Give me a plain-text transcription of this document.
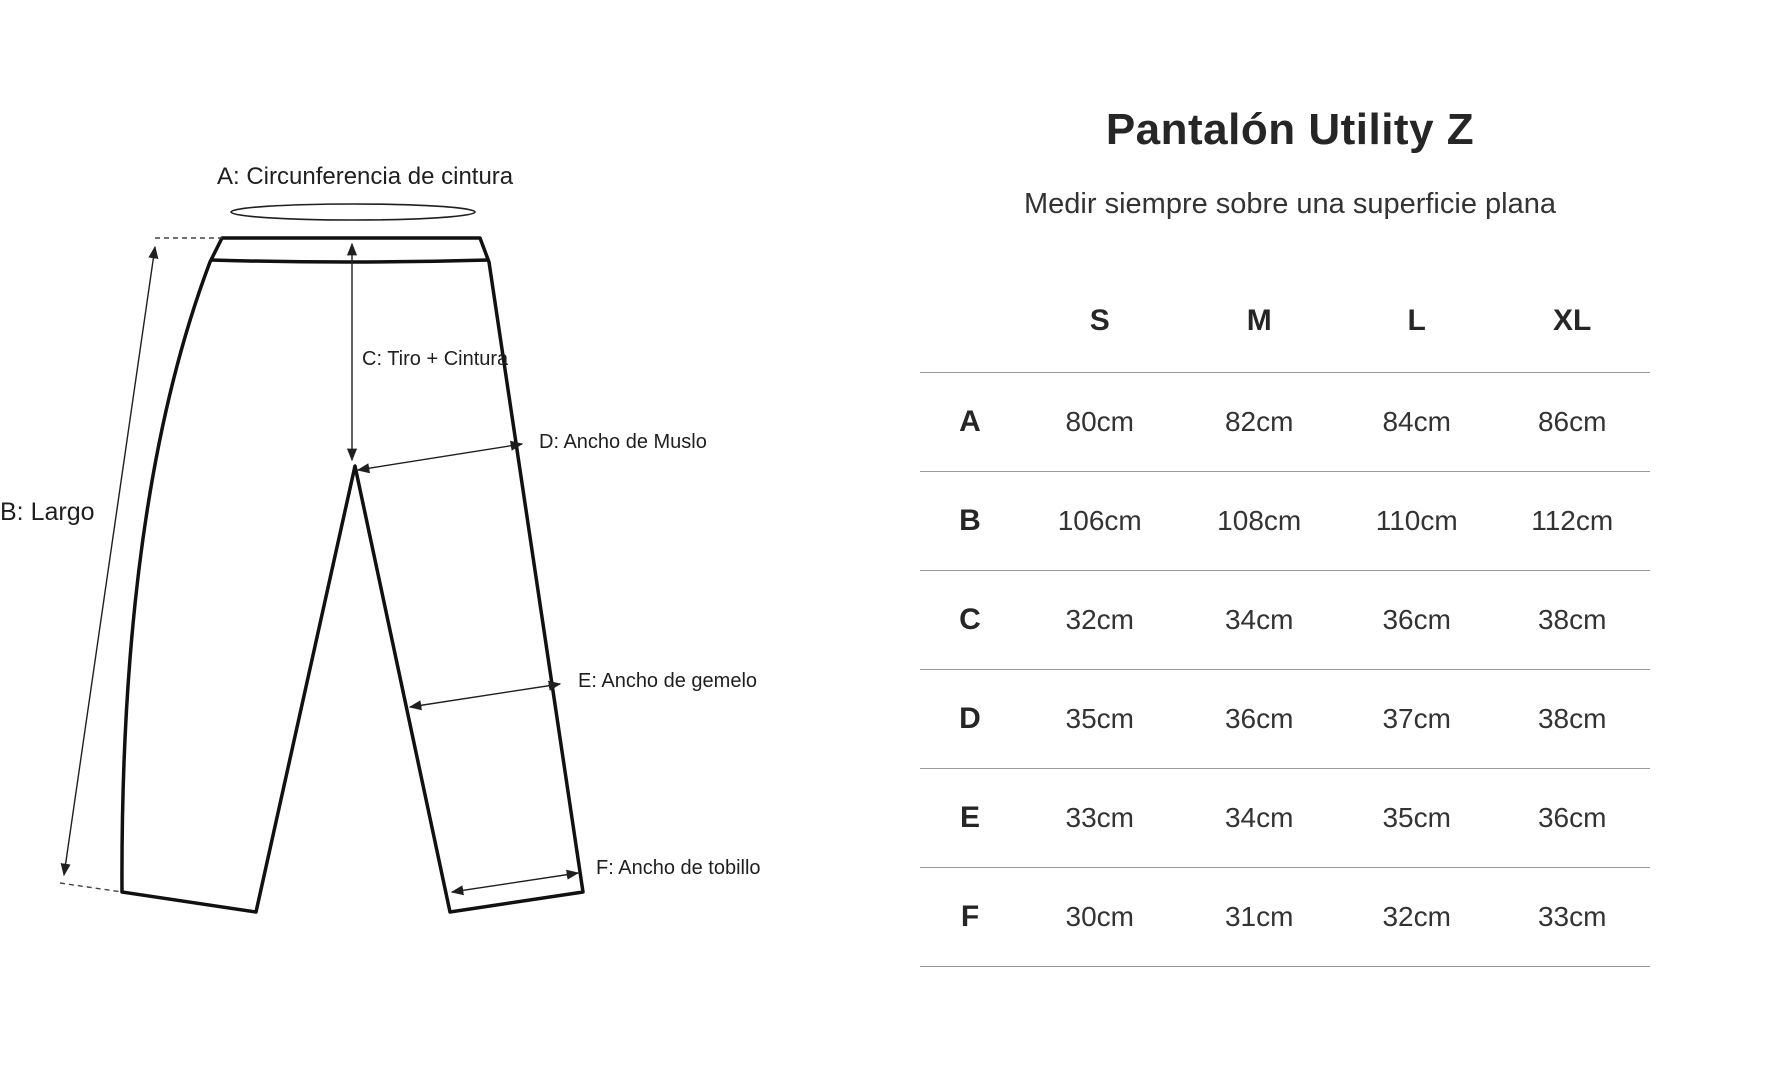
A: Circunferencia de cintura
B: Largo
C: Tiro + Cintura
D: Ancho de Muslo
E: Ancho de gemelo
F: Ancho de tobillo
Pantalón Utility Z
Medir siempre sobre una superficie plana
	S	M	L	XL
A	80cm	82cm	84cm	86cm
B	106cm	108cm	110cm	112cm
C	32cm	34cm	36cm	38cm
D	35cm	36cm	37cm	38cm
E	33cm	34cm	35cm	36cm
F	30cm	31cm	32cm	33cm
